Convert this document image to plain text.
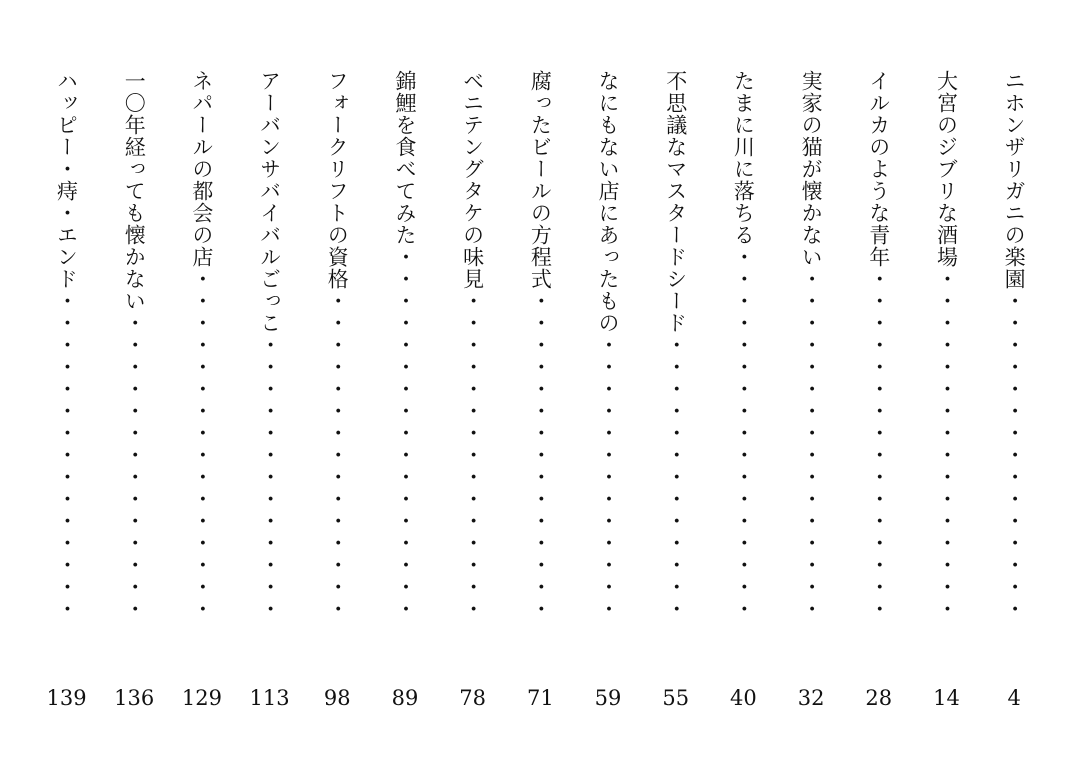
ニホンザリガニの楽園・・・・・・・・・・・・・・・
4
大宮のジブリな酒場・・・・・・・・・・・・・・・・
14
イルカのような青年・・・・・・・・・・・・・・・・
28
実家の猫が懐かない・・・・・・・・・・・・・・・・
32
たまに川に落ちる・・・・・・・・・・・・・・・・・
40
不思議なマスタードシード・・・・・・・・・・・・・
55
なにもない店にあったもの・・・・・・・・・・・・・
59
腐ったビールの方程式・・・・・・・・・・・・・・・
71
ベニテングタケの味見・・・・・・・・・・・・・・・
78
錦鯉を食べてみた・・・・・・・・・・・・・・・・・
89
フォークリフトの資格・・・・・・・・・・・・・・・
98
アーバンサバイバルごっこ・・・・・・・・・・・・・
113
ネパールの都会の店・・・・・・・・・・・・・・・・
129
一〇年経っても懐かない・・・・・・・・・・・・・・
136
ハッピー・痔・エンド・・・・・・・・・・・・・・・
139
